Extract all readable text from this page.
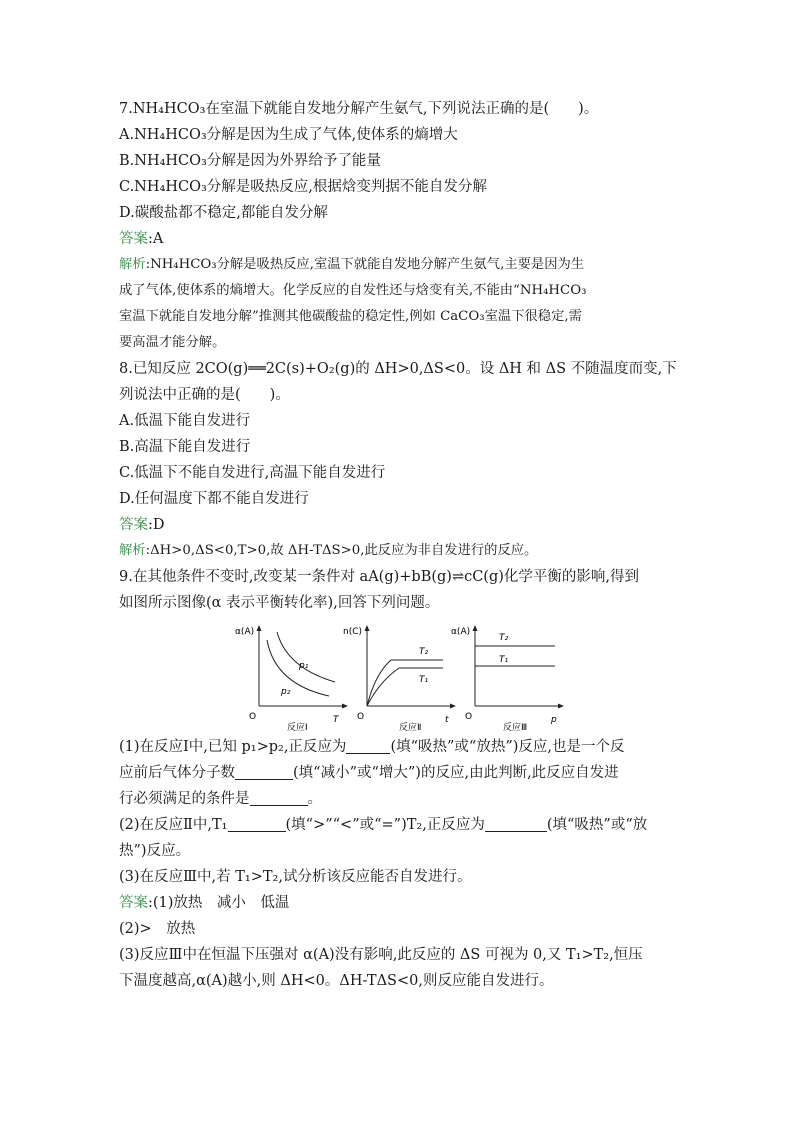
7.NH₄HCO₃在室温下就能自发地分解产生氨气,下列说法正确的是(　　)。
A.NH₄HCO₃分解是因为生成了气体,使体系的熵增大
B.NH₄HCO₃分解是因为外界给予了能量
C.NH₄HCO₃分解是吸热反应,根据焓变判据不能自发分解
D.碳酸盐都不稳定,都能自发分解
答案:A
解析:NH₄HCO₃分解是吸热反应,室温下就能自发地分解产生氨气,主要是因为生
成了气体,使体系的熵增大。化学反应的自发性还与焓变有关,不能由“NH₄HCO₃
室温下就能自发地分解”推测其他碳酸盐的稳定性,例如 CaCO₃室温下很稳定,需
要高温才能分解。
8.已知反应 2CO(g)══2C(s)+O₂(g)的 ΔH>0,ΔS<0。设 ΔH 和 ΔS 不随温度而变,下
列说法中正确的是(　　)。
A.低温下能自发进行
B.高温下能自发进行
C.低温下不能自发进行,高温下能自发进行
D.任何温度下都不能自发进行
答案:D
解析:ΔH>0,ΔS<0,T>0,故 ΔH-TΔS>0,此反应为非自发进行的反应。
9.在其他条件不变时,改变某一条件对 aA(g)+bB(g)⇌cC(g)化学平衡的影响,得到
如图所示图像(α 表示平衡转化率),回答下列问题。
α(A)
O	T
p₁
p₂
反应Ⅰ
n(C)
O	t
T₂
T₁
反应Ⅱ
α(A)
O	p
T₂
T₁
反应Ⅲ
(1)在反应Ⅰ中,已知 p₁>p₂,正反应为	(填“吸热”或“放热”)反应,也是一个反
应前后气体分子数	(填“减小”或“增大”)的反应,由此判断,此反应自发进
行必须满足的条件是	。
(2)在反应Ⅱ中,T₁	(填“>”“<”或“=”)T₂,正反应为	(填“吸热”或“放
热”)反应。
(3)在反应Ⅲ中,若 T₁>T₂,试分析该反应能否自发进行。
答案:(1)放热　减小　低温
(2)>　放热
(3)反应Ⅲ中在恒温下压强对 α(A)没有影响,此反应的 ΔS 可视为 0,又 T₁>T₂,恒压
下温度越高,α(A)越小,则 ΔH<0。ΔH-TΔS<0,则反应能自发进行。
